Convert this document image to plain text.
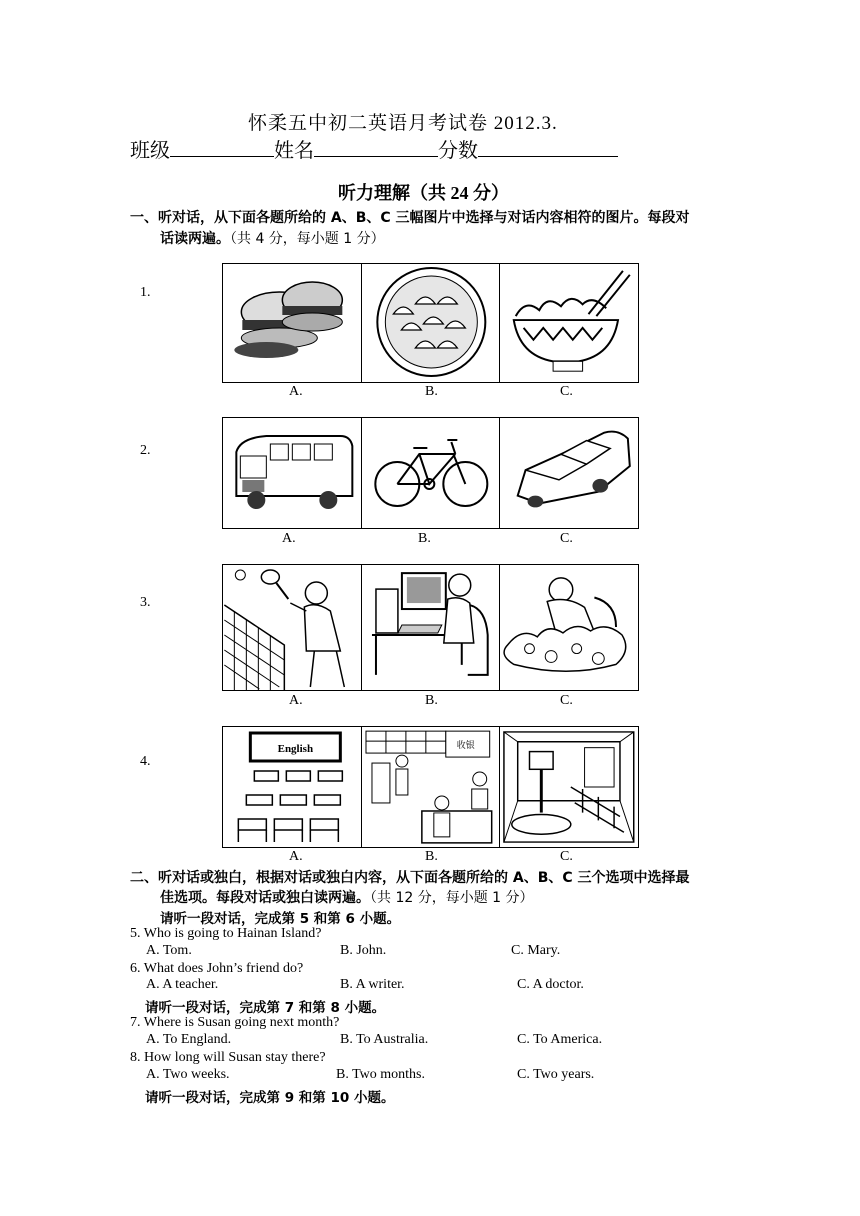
怀柔五中初二英语月考试卷 2012.3.
班级	姓名	分数
听力理解（共 24 分）
一、听对话，从下面各题所给的 A、B、C 三幅图片中选择与对话内容相符的图片。每段对
话读两遍。（共 4 分，每小题 1 分）
1.
A.	B.	C.
2.
A.	B.	C.
3.
A.	B.	C.
4.
English	收银
A.	B.	C.
二、听对话或独白，根据对话或独白内容，从下面各题所给的 A、B、C 三个选项中选择最
佳选项。每段对话或独白读两遍。（共 12 分，每小题 1 分）
请听一段对话，完成第 5 和第 6 小题。
5. Who is going to Hainan Island?
A. Tom.	B. John.	C. Mary.
6. What does John’s friend do?
A. A teacher.	B. A writer.	C. A doctor.
请听一段对话，完成第 7 和第 8 小题。
7. Where is Susan going next month?
A. To England.	B. To Australia.	C. To America.
8. How long will Susan stay there?
A. Two weeks.	B. Two months.	C. Two years.
请听一段对话，完成第 9 和第 10 小题。
